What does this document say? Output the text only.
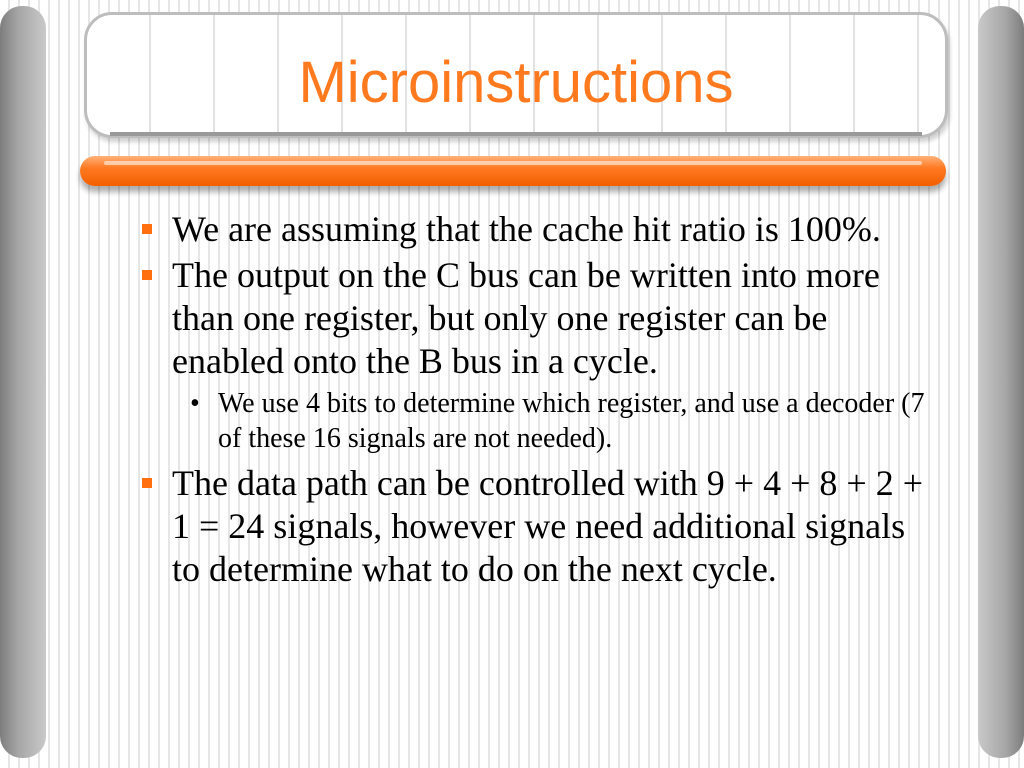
Microinstructions
We are assuming that the cache hit ratio is 100%.
The output on the C bus can be written into more than one register, but only one register can be enabled onto the B bus in a cycle.
• We use 4 bits to determine which register, and use a decoder (7 of these 16 signals are not needed).
The data path can be controlled with 9 + 4 + 8 + 2 + 1 = 24 signals, however we need additional signals to determine what to do on the next cycle.
